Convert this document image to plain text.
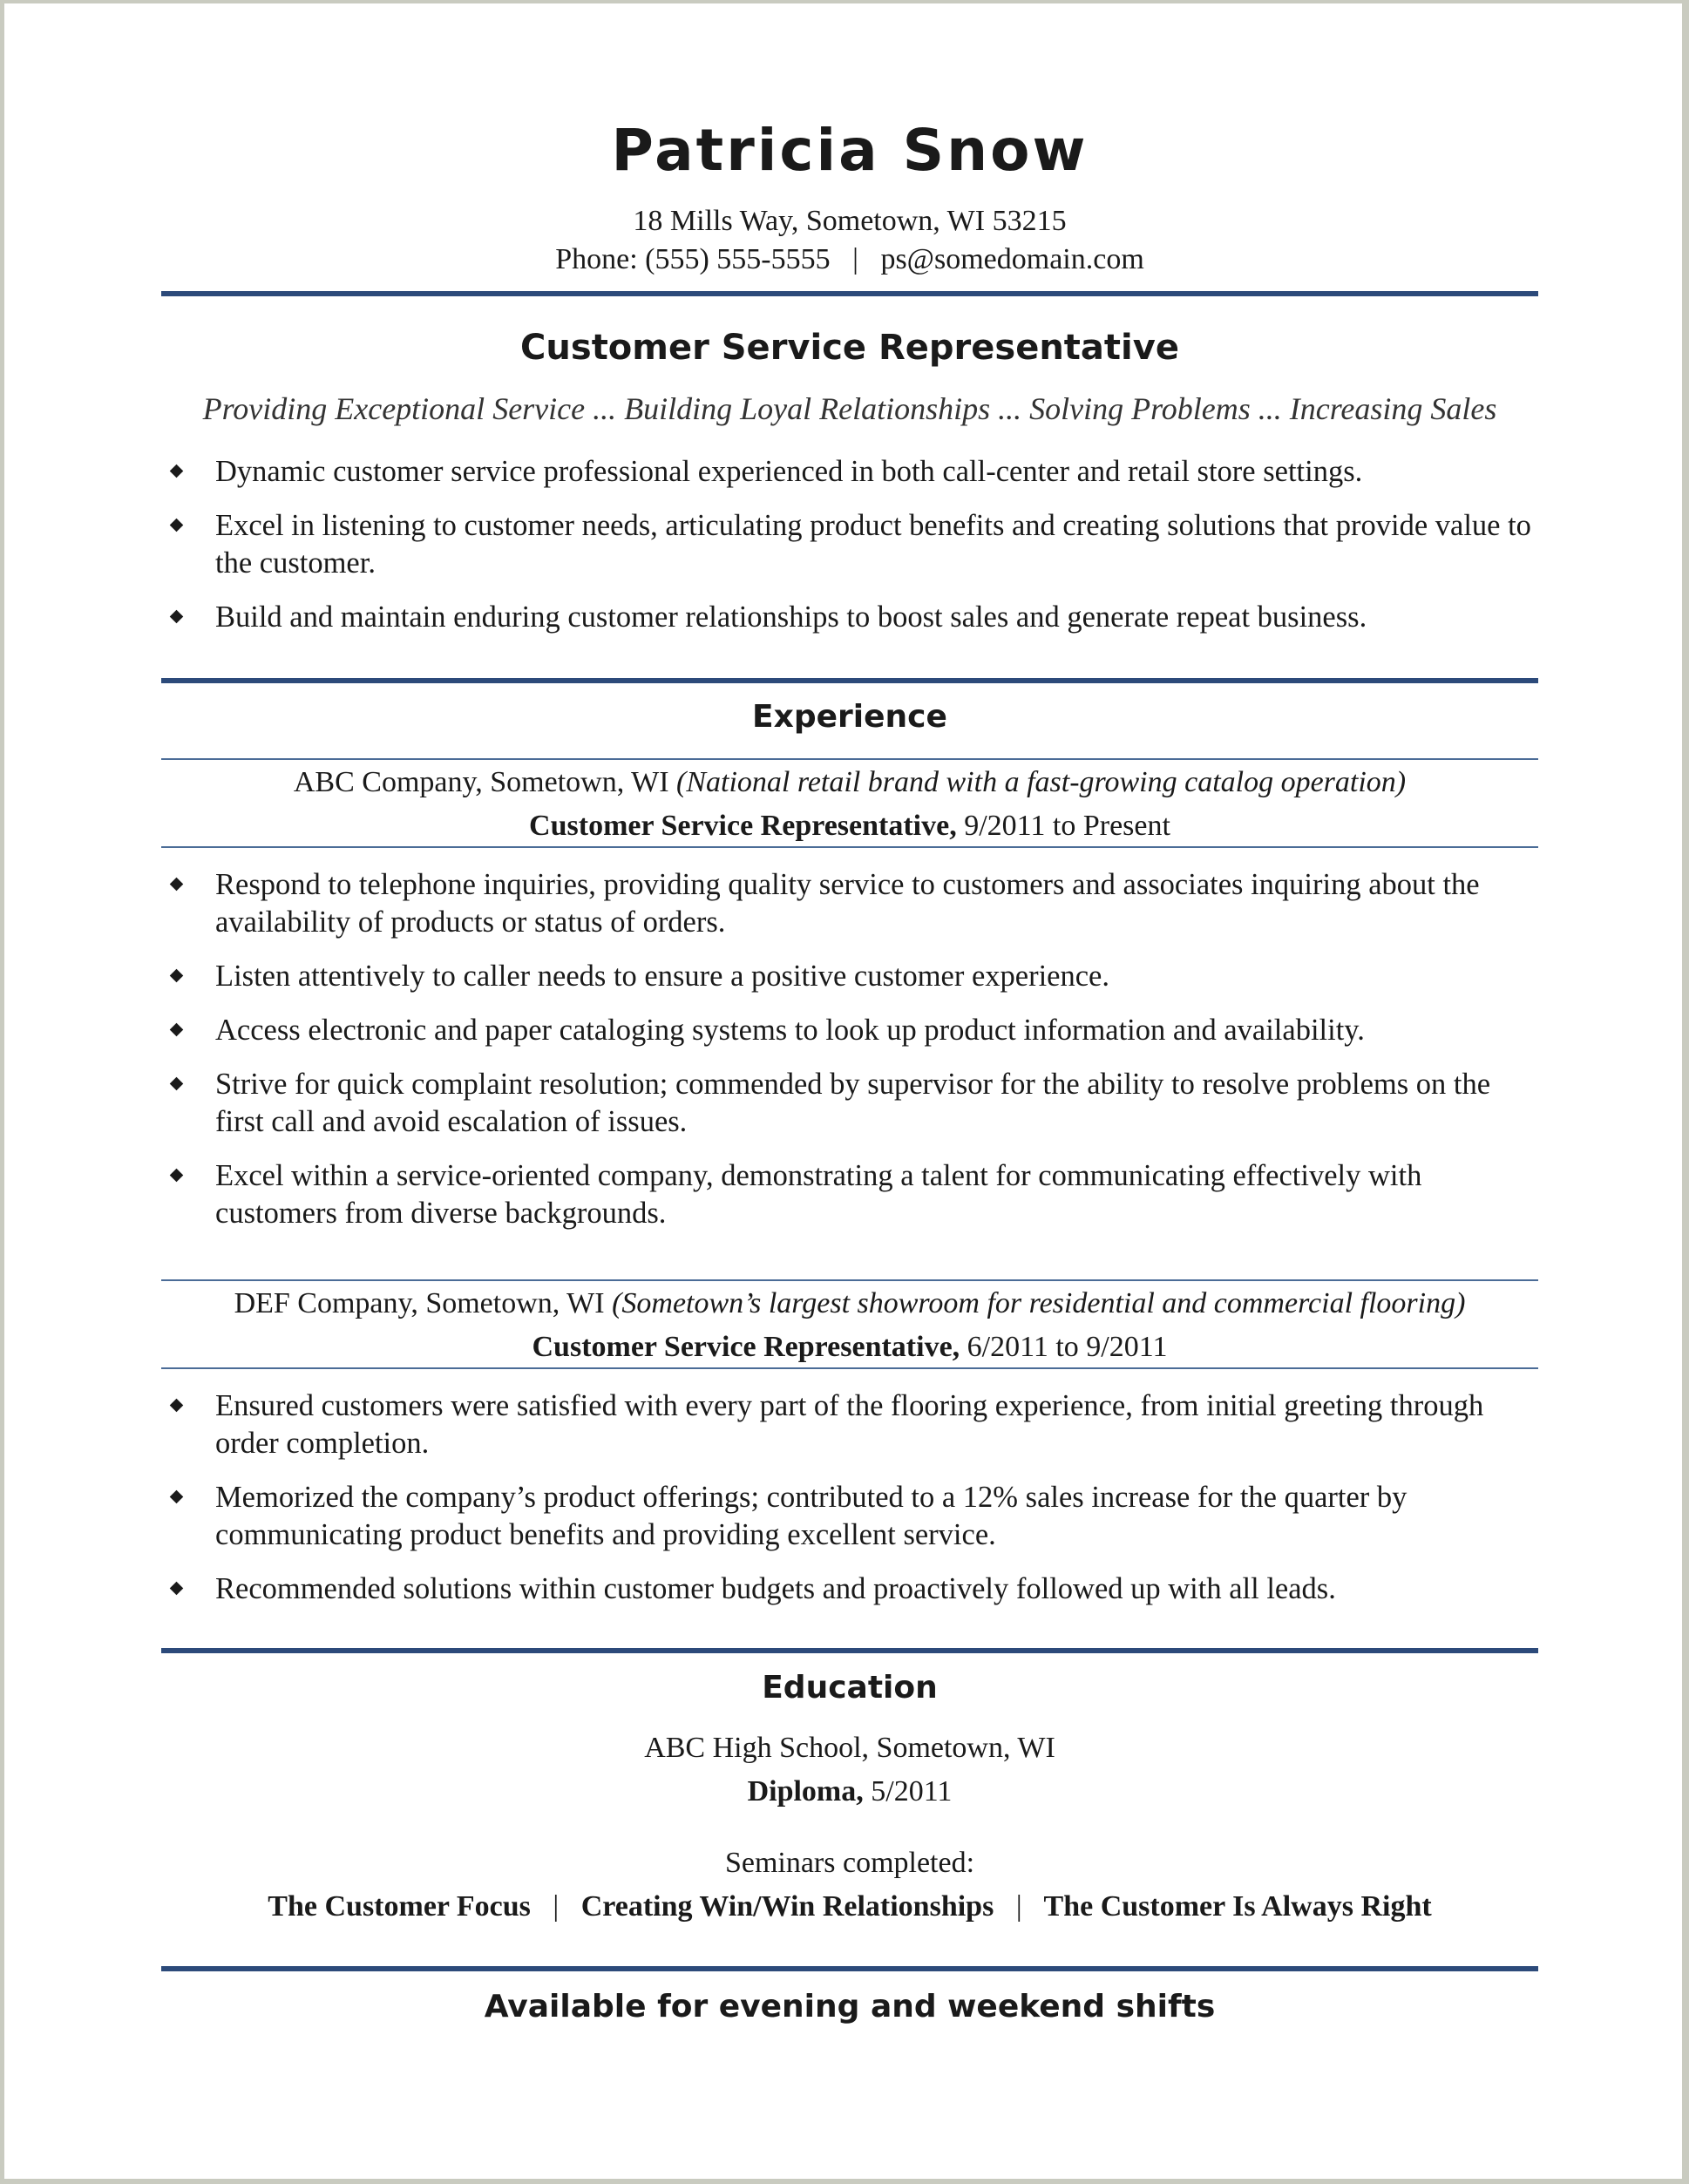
Patricia Snow
18 Mills Way, Sometown, WI 53215
Phone: (555) 555-5555 | ps@somedomain.com
Customer Service Representative
Providing Exceptional Service ... Building Loyal Relationships ... Solving Problems ... Increasing Sales
Dynamic customer service professional experienced in both call-center and retail store settings.
Excel in listening to customer needs, articulating product benefits and creating solutions that provide value to the customer.
Build and maintain enduring customer relationships to boost sales and generate repeat business.
Experience
ABC Company, Sometown, WI (National retail brand with a fast-growing catalog operation)
Customer Service Representative, 9/2011 to Present
Respond to telephone inquiries, providing quality service to customers and associates inquiring about the availability of products or status of orders.
Listen attentively to caller needs to ensure a positive customer experience.
Access electronic and paper cataloging systems to look up product information and availability.
Strive for quick complaint resolution; commended by supervisor for the ability to resolve problems on the first call and avoid escalation of issues.
Excel within a service-oriented company, demonstrating a talent for communicating effectively with customers from diverse backgrounds.
DEF Company, Sometown, WI (Sometown’s largest showroom for residential and commercial flooring)
Customer Service Representative, 6/2011 to 9/2011
Ensured customers were satisfied with every part of the flooring experience, from initial greeting through order completion.
Memorized the company’s product offerings; contributed to a 12% sales increase for the quarter by communicating product benefits and providing excellent service.
Recommended solutions within customer budgets and proactively followed up with all leads.
Education
ABC High School, Sometown, WI
Diploma, 5/2011
Seminars completed:
The Customer Focus | Creating Win/Win Relationships | The Customer Is Always Right
Available for evening and weekend shifts
